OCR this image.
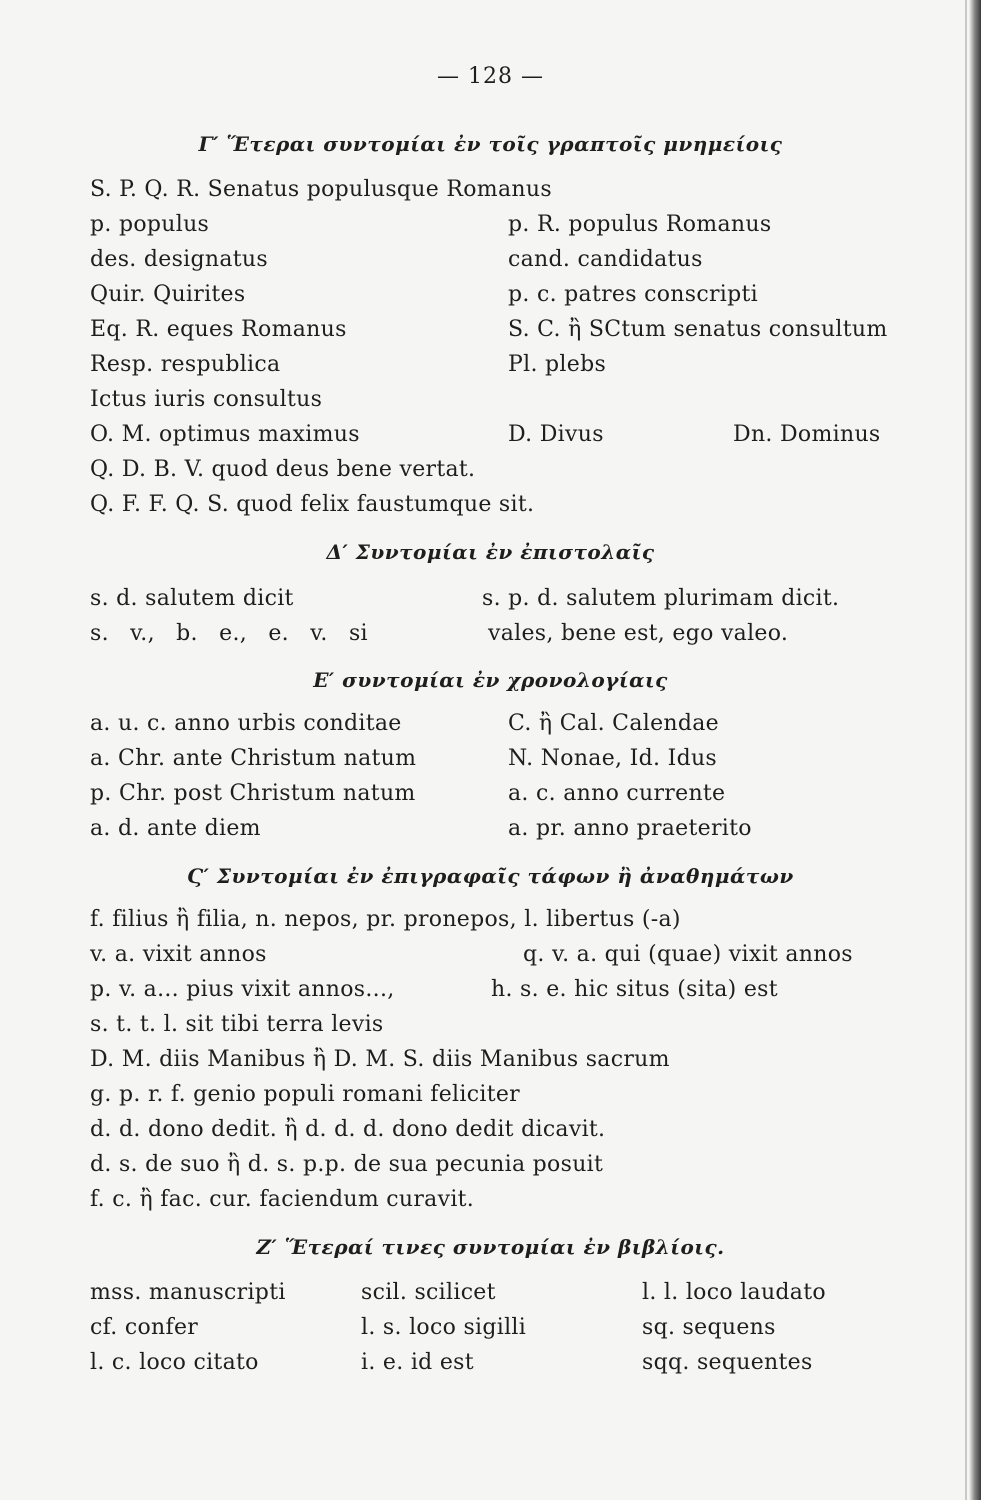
— 128 —
Γ′ Ἕτεραι συντομίαι ἐν τοῖς γραπτοῖς μνημείοις
S. P. Q. R. Senatus populusque Romanus
p. populus	p. R. populus Romanus
des. designatus	cand. candidatus
Quir. Quirites	p. c. patres conscripti
Eq. R. eques Romanus	S. C. ἢ SCtum senatus consultum
Resp. respublica	Pl. plebs
Ictus iuris consultus
O. M. optimus maximus	D. Divus	Dn. Dominus
Q. D. B. V. quod deus bene vertat.
Q. F. F. Q. S. quod felix faustumque sit.
Δ′ Συντομίαι ἐν ἐπιστολαῖς
s. d. salutem dicit	s. p. d. salutem plurimam dicit.
s. v., b. e., e. v. si	vales, bene est, ego valeo.
Ε′ συντομίαι ἐν χρονολογίαις
a. u. c. anno urbis conditae	C. ἢ Cal. Calendae
a. Chr. ante Christum natum	N. Nonae, Id. Idus
p. Chr. post Christum natum	a. c. anno currente
a. d. ante diem	a. pr. anno praeterito
Ϛ′ Συντομίαι ἐν ἐπιγραφαῖς τάφων ἢ ἀναθημάτων
f. filius ἢ filia, n. nepos, pr. pronepos, l. libertus (-a)
v. a. vixit annos	q. v. a. qui (quae) vixit annos
p. v. a... pius vixit annos...,	h. s. e. hic situs (sita) est
s. t. t. l. sit tibi terra levis
D. M. diis Manibus ἢ D. M. S. diis Manibus sacrum
g. p. r. f. genio populi romani feliciter
d. d. dono dedit. ἢ d. d. d. dono dedit dicavit.
d. s. de suo ἢ d. s. p.p. de sua pecunia posuit
f. c. ἢ fac. cur. faciendum curavit.
Ζ′ Ἕτεραί τινες συντομίαι ἐν βιβλίοις.
mss. manuscripti	scil. scilicet	l. l. loco laudato
cf. confer	l. s. loco sigilli	sq. sequens
l. c. loco citato	i. e. id est	sqq. sequentes
